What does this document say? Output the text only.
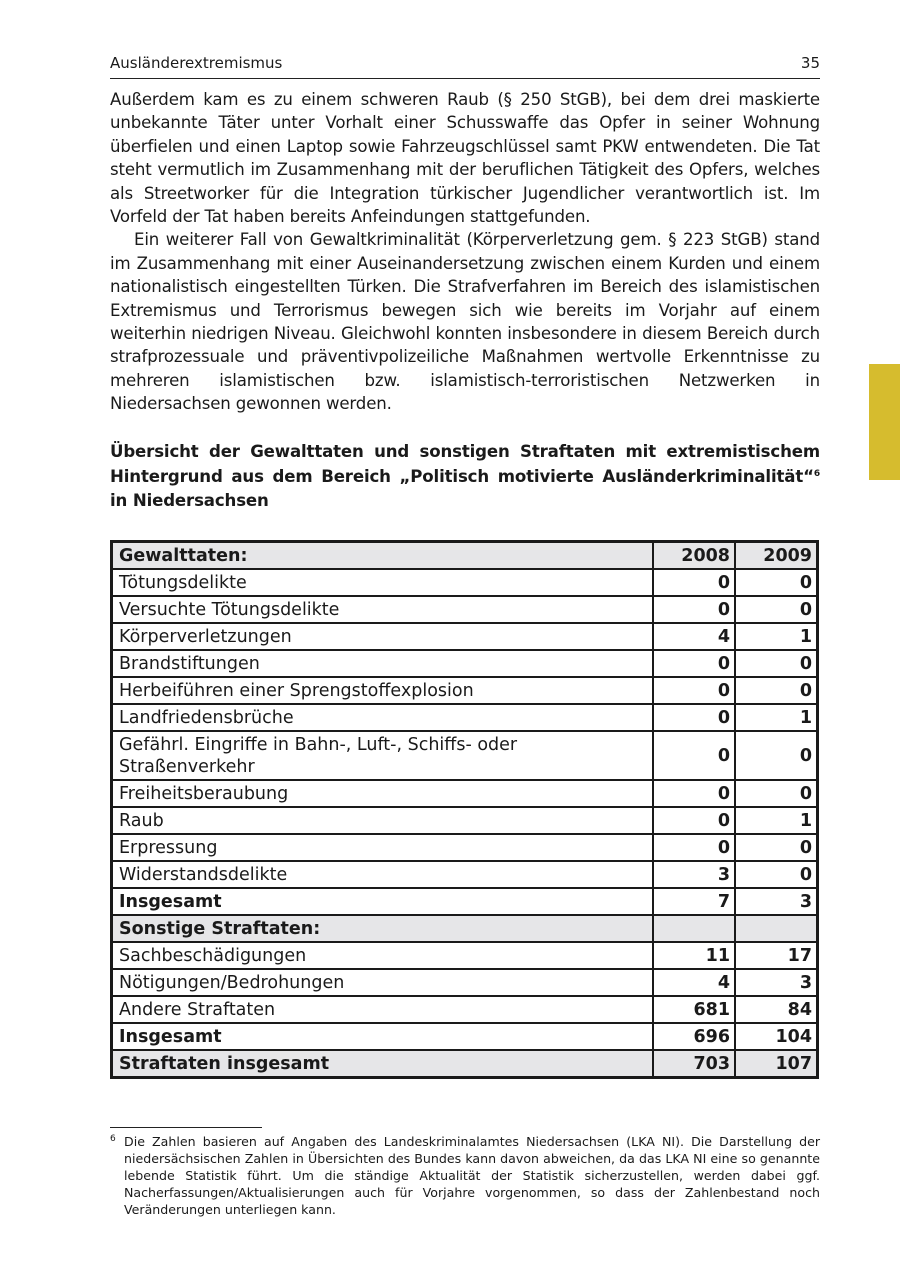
Ausländerextremismus	35

Außerdem kam es zu einem schweren Raub (§ 250 StGB), bei dem drei maskierte unbekannte Täter unter Vorhalt einer Schusswaffe das Opfer in seiner Wohnung überfielen und einen Laptop sowie Fahrzeugschlüssel samt PKW entwendeten. Die Tat steht vermutlich im Zusammenhang mit der beruflichen Tätigkeit des Opfers, welches als Streetworker für die Integration türkischer Jugendlicher verantwortlich ist. Im Vorfeld der Tat haben bereits Anfeindungen stattgefunden.

Ein weiterer Fall von Gewaltkriminalität (Körperverletzung gem. § 223 StGB) stand im Zusammenhang mit einer Auseinandersetzung zwischen einem Kurden und einem nationalistisch eingestellten Türken. Die Strafverfahren im Bereich des islamistischen Extremismus und Terrorismus bewegen sich wie bereits im Vorjahr auf einem weiterhin niedrigen Niveau. Gleichwohl konnten insbesondere in diesem Bereich durch strafprozessuale und präventivpolizeiliche Maßnahmen wertvolle Erkenntnisse zu mehreren islamistischen bzw. islamistisch-terroristischen Netzwerken in Niedersachsen gewonnen werden.

Übersicht der Gewalttaten und sonstigen Straftaten mit extremistischem Hintergrund aus dem Bereich „Politisch motivierte Ausländerkriminalität“$^6$ in Niedersachsen
Gewalttaten:	2008	2009
Tötungsdelikte	0	0
Versuchte Tötungsdelikte	0	0
Körperverletzungen	4	1
Brandstiftungen	0	0
Herbeiführen einer Sprengstoffexplosion	0	0
Landfriedensbrüche	0	1
Gefährl. Eingriffe in Bahn-, Luft-, Schiffs- oder Straßenverkehr	0	0
Freiheitsberaubung	0	0
Raub	0	1
Erpressung	0	0
Widerstandsdelikte	3	0
Insgesamt	7	3
Sonstige Straftaten:		
Sachbeschädigungen	11	17
Nötigungen/Bedrohungen	4	3
Andere Straftaten	681	84
Insgesamt	696	104
Straftaten insgesamt	703	107
6 Die Zahlen basieren auf Angaben des Landeskriminalamtes Niedersachsen (LKA NI). Die Darstellung der niedersächsischen Zahlen in Übersichten des Bundes kann davon abweichen, da das LKA NI eine so genannte lebende Statistik führt. Um die ständige Aktualität der Statistik sicherzustellen, werden dabei ggf. Nacherfassungen/Aktualisierungen auch für Vorjahre vorgenommen, so dass der Zahlenbestand noch Veränderungen unterliegen kann.
